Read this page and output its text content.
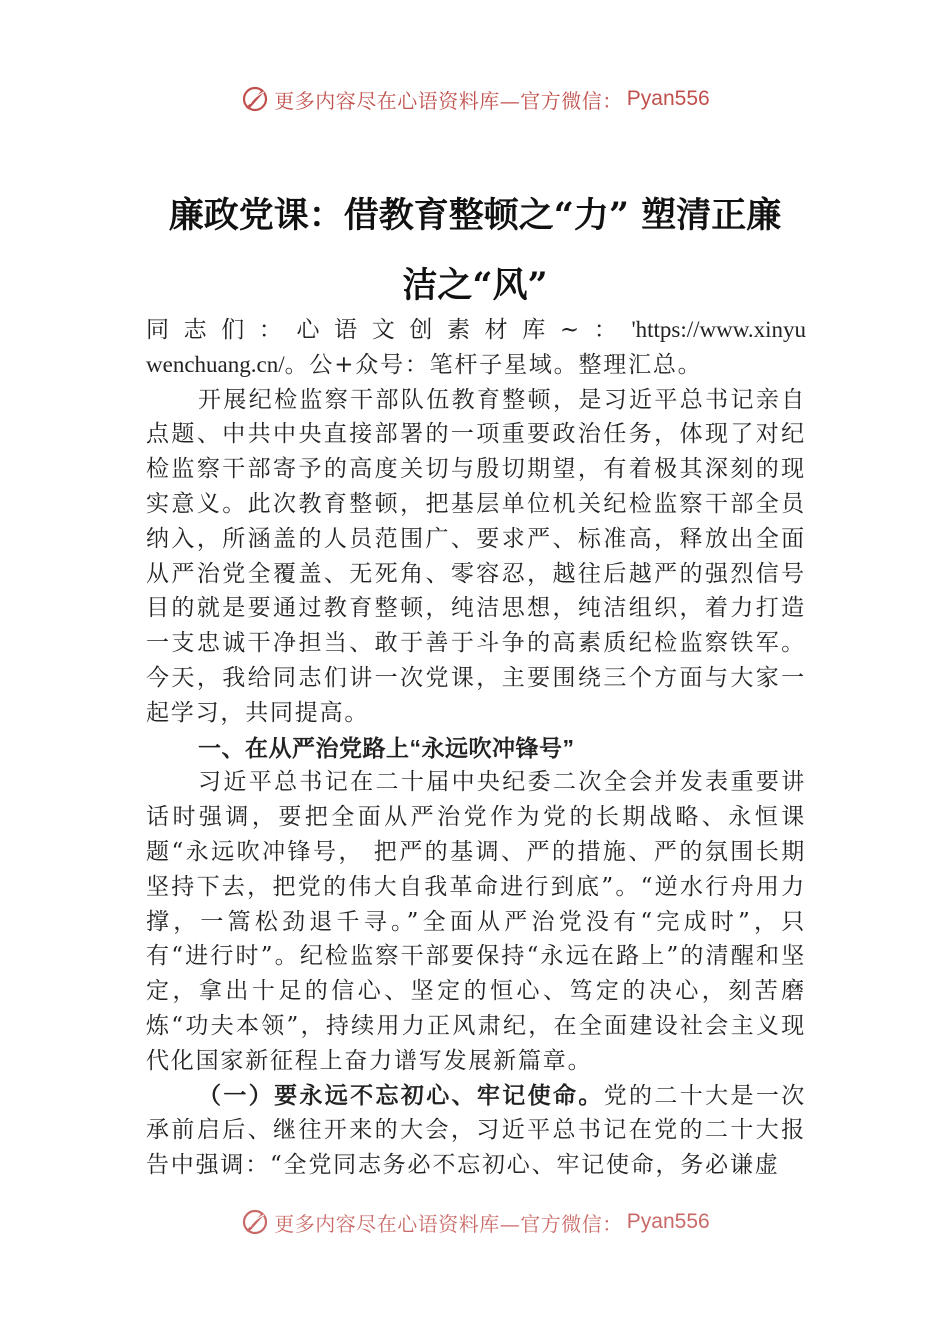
更多内容尽在心语资料库—官方微信： Pyan556
廉政党课：借教育整顿之“力” 塑清正廉
洁之“风”

同志们：心语文创素材库~：'https://www.xinyuwenchuang.cn/。公+众号：笔杆子星域。整理汇总。

开展纪检监察干部队伍教育整顿，是习近平总书记亲自点题、中共中央直接部署的一项重要政治任务，体现了对纪检监察干部寄予的高度关切与殷切期望，有着极其深刻的现实意义。此次教育整顿，把基层单位机关纪检监察干部全员纳入，所涵盖的人员范围广、要求严、标准高，释放出全面从严治党全覆盖、无死角、零容忍，越往后越严的强烈信号目的就是要通过教育整顿，纯洁思想，纯洁组织，着力打造一支忠诚干净担当、敢于善于斗争的高素质纪检监察铁军。今天，我给同志们讲一次党课，主要围绕三个方面与大家一起学习，共同提高。

一、在从严治党路上“永远吹冲锋号”

习近平总书记在二十届中央纪委二次全会并发表重要讲话时强调，要把全面从严治党作为党的长期战略、永恒课题“永远吹冲锋号， 把严的基调、严的措施、严的氛围长期坚持下去，把党的伟大自我革命进行到底”。“逆水行舟用力撑，一篙松劲退千寻。”全面从严治党没有“完成时”，只有“进行时”。纪检监察干部要保持“永远在路上”的清醒和坚定，拿出十足的信心、坚定的恒心、笃定的决心，刻苦磨炼“功夫本领”，持续用力正风肃纪，在全面建设社会主义现代化国家新征程上奋力谱写发展新篇章。

（一）要永远不忘初心、牢记使命。党的二十大是一次承前启后、继往开来的大会，习近平总书记在党的二十大报告中强调：“全党同志务必不忘初心、牢记使命，务必谦虚

更多内容尽在心语资料库—官方微信： Pyan556
